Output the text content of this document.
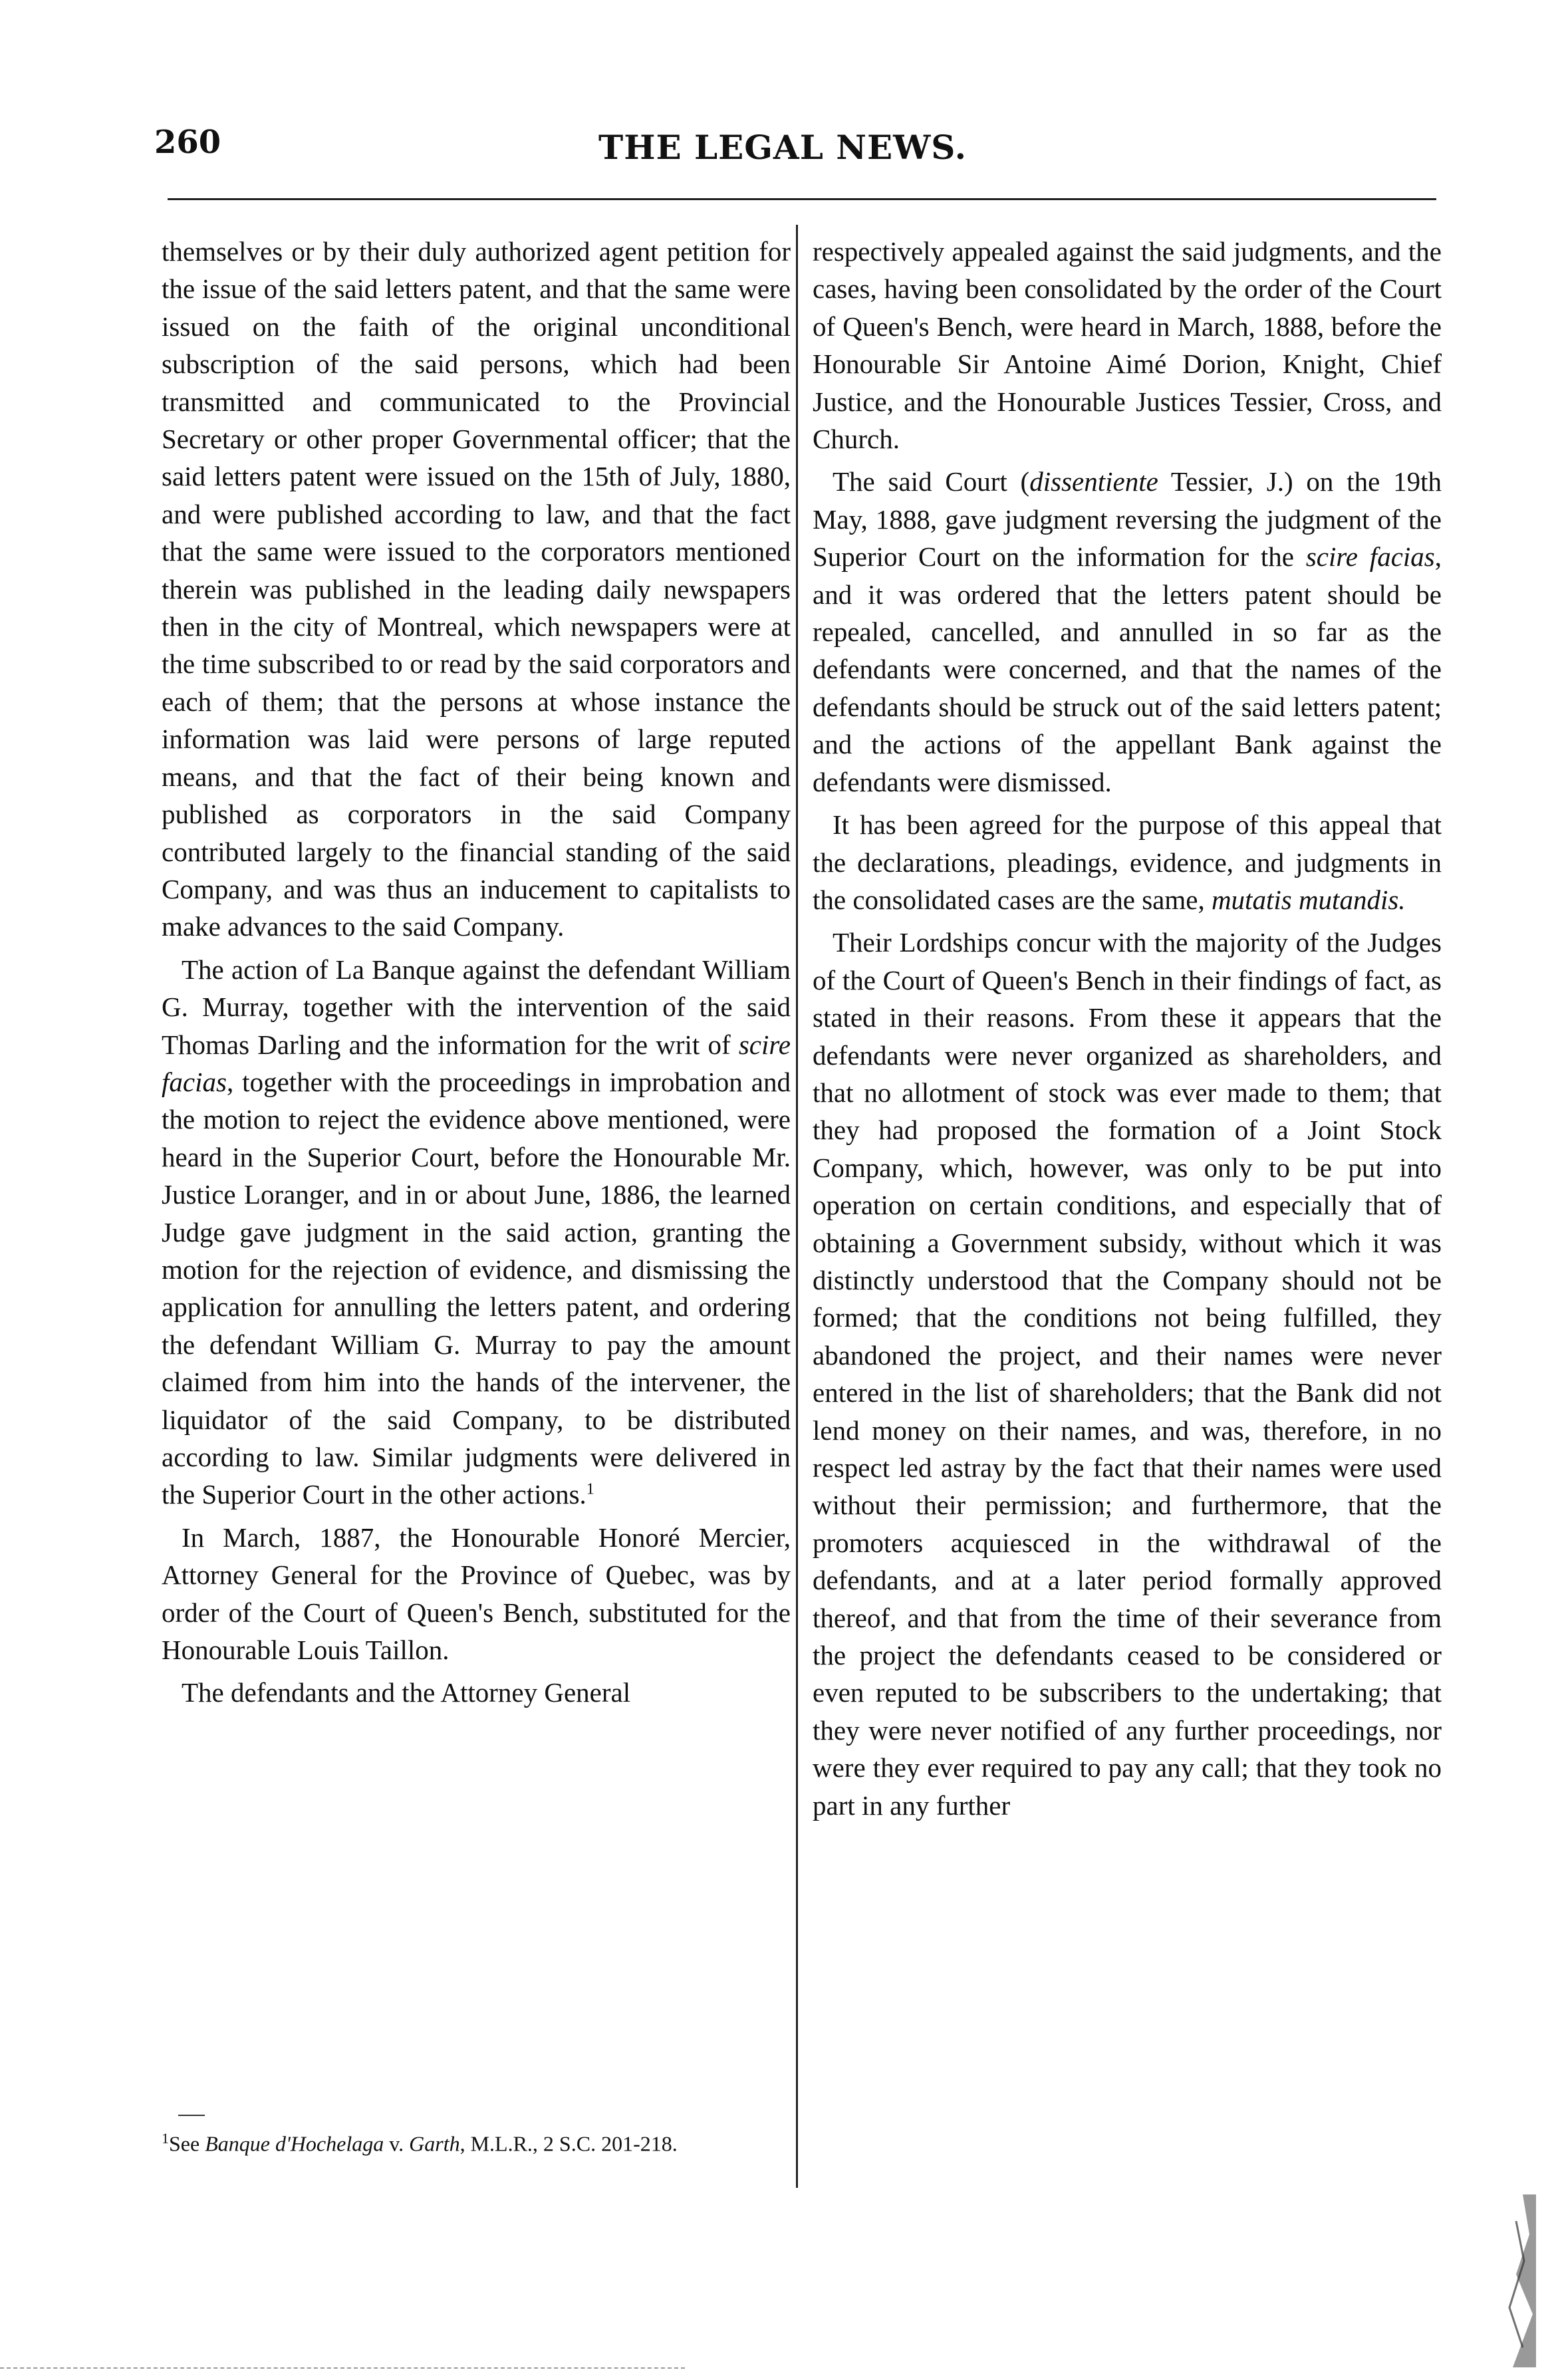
260	THE LEGAL NEWS.

themselves or by their duly authorized agent petition for the issue of the said letters patent, and that the same were issued on the faith of the original unconditional subscription of the said persons, which had been transmitted and communicated to the Provincial Secretary or other proper Governmental officer; that the said letters patent were issued on the 15th of July, 1880, and were published according to law, and that the fact that the same were issued to the corporators mentioned therein was published in the leading daily newspapers then in the city of Montreal, which newspapers were at the time subscribed to or read by the said corporators and each of them; that the persons at whose instance the information was laid were persons of large reputed means, and that the fact of their being known and published as corporators in the said Company contributed largely to the financial standing of the said Company, and was thus an inducement to capitalists to make advances to the said Company.

The action of La Banque against the defendant William G. Murray, together with the intervention of the said Thomas Darling and the information for the writ of scire facias, together with the proceedings in improbation and the motion to reject the evidence above mentioned, were heard in the Superior Court, before the Honourable Mr. Justice Loranger, and in or about June, 1886, the learned Judge gave judgment in the said action, granting the motion for the rejection of evidence, and dismissing the application for annulling the letters patent, and ordering the defendant William G. Murray to pay the amount claimed from him into the hands of the intervener, the liquidator of the said Company, to be distributed according to law. Similar judgments were delivered in the Superior Court in the other actions.$^1$

In March, 1887, the Honourable Honoré Mercier, Attorney General for the Province of Quebec, was by order of the Court of Queen's Bench, substituted for the Honourable Louis Taillon.

The defendants and the Attorney General

$^1$See Banque d'Hochelaga v. Garth, M.L.R., 2 S.C. 201-218.

respectively appealed against the said judgments, and the cases, having been consolidated by the order of the Court of Queen's Bench, were heard in March, 1888, before the Honourable Sir Antoine Aimé Dorion, Knight, Chief Justice, and the Honourable Justices Tessier, Cross, and Church.

The said Court (dissentiente Tessier, J.) on the 19th May, 1888, gave judgment reversing the judgment of the Superior Court on the information for the scire facias, and it was ordered that the letters patent should be repealed, cancelled, and annulled in so far as the defendants were concerned, and that the names of the defendants should be struck out of the said letters patent; and the actions of the appellant Bank against the defendants were dismissed.

It has been agreed for the purpose of this appeal that the declarations, pleadings, evidence, and judgments in the consolidated cases are the same, mutatis mutandis.

Their Lordships concur with the majority of the Judges of the Court of Queen's Bench in their findings of fact, as stated in their reasons. From these it appears that the defendants were never organized as shareholders, and that no allotment of stock was ever made to them; that they had proposed the formation of a Joint Stock Company, which, however, was only to be put into operation on certain conditions, and especially that of obtaining a Government subsidy, without which it was distinctly understood that the Company should not be formed; that the conditions not being fulfilled, they abandoned the project, and their names were never entered in the list of shareholders; that the Bank did not lend money on their names, and was, therefore, in no respect led astray by the fact that their names were used without their permission; and furthermore, that the promoters acquiesced in the withdrawal of the defendants, and at a later period formally approved thereof, and that from the time of their severance from the project the defendants ceased to be considered or even reputed to be subscribers to the undertaking; that they were never notified of any further proceedings, nor were they ever required to pay any call; that they took no part in any further
